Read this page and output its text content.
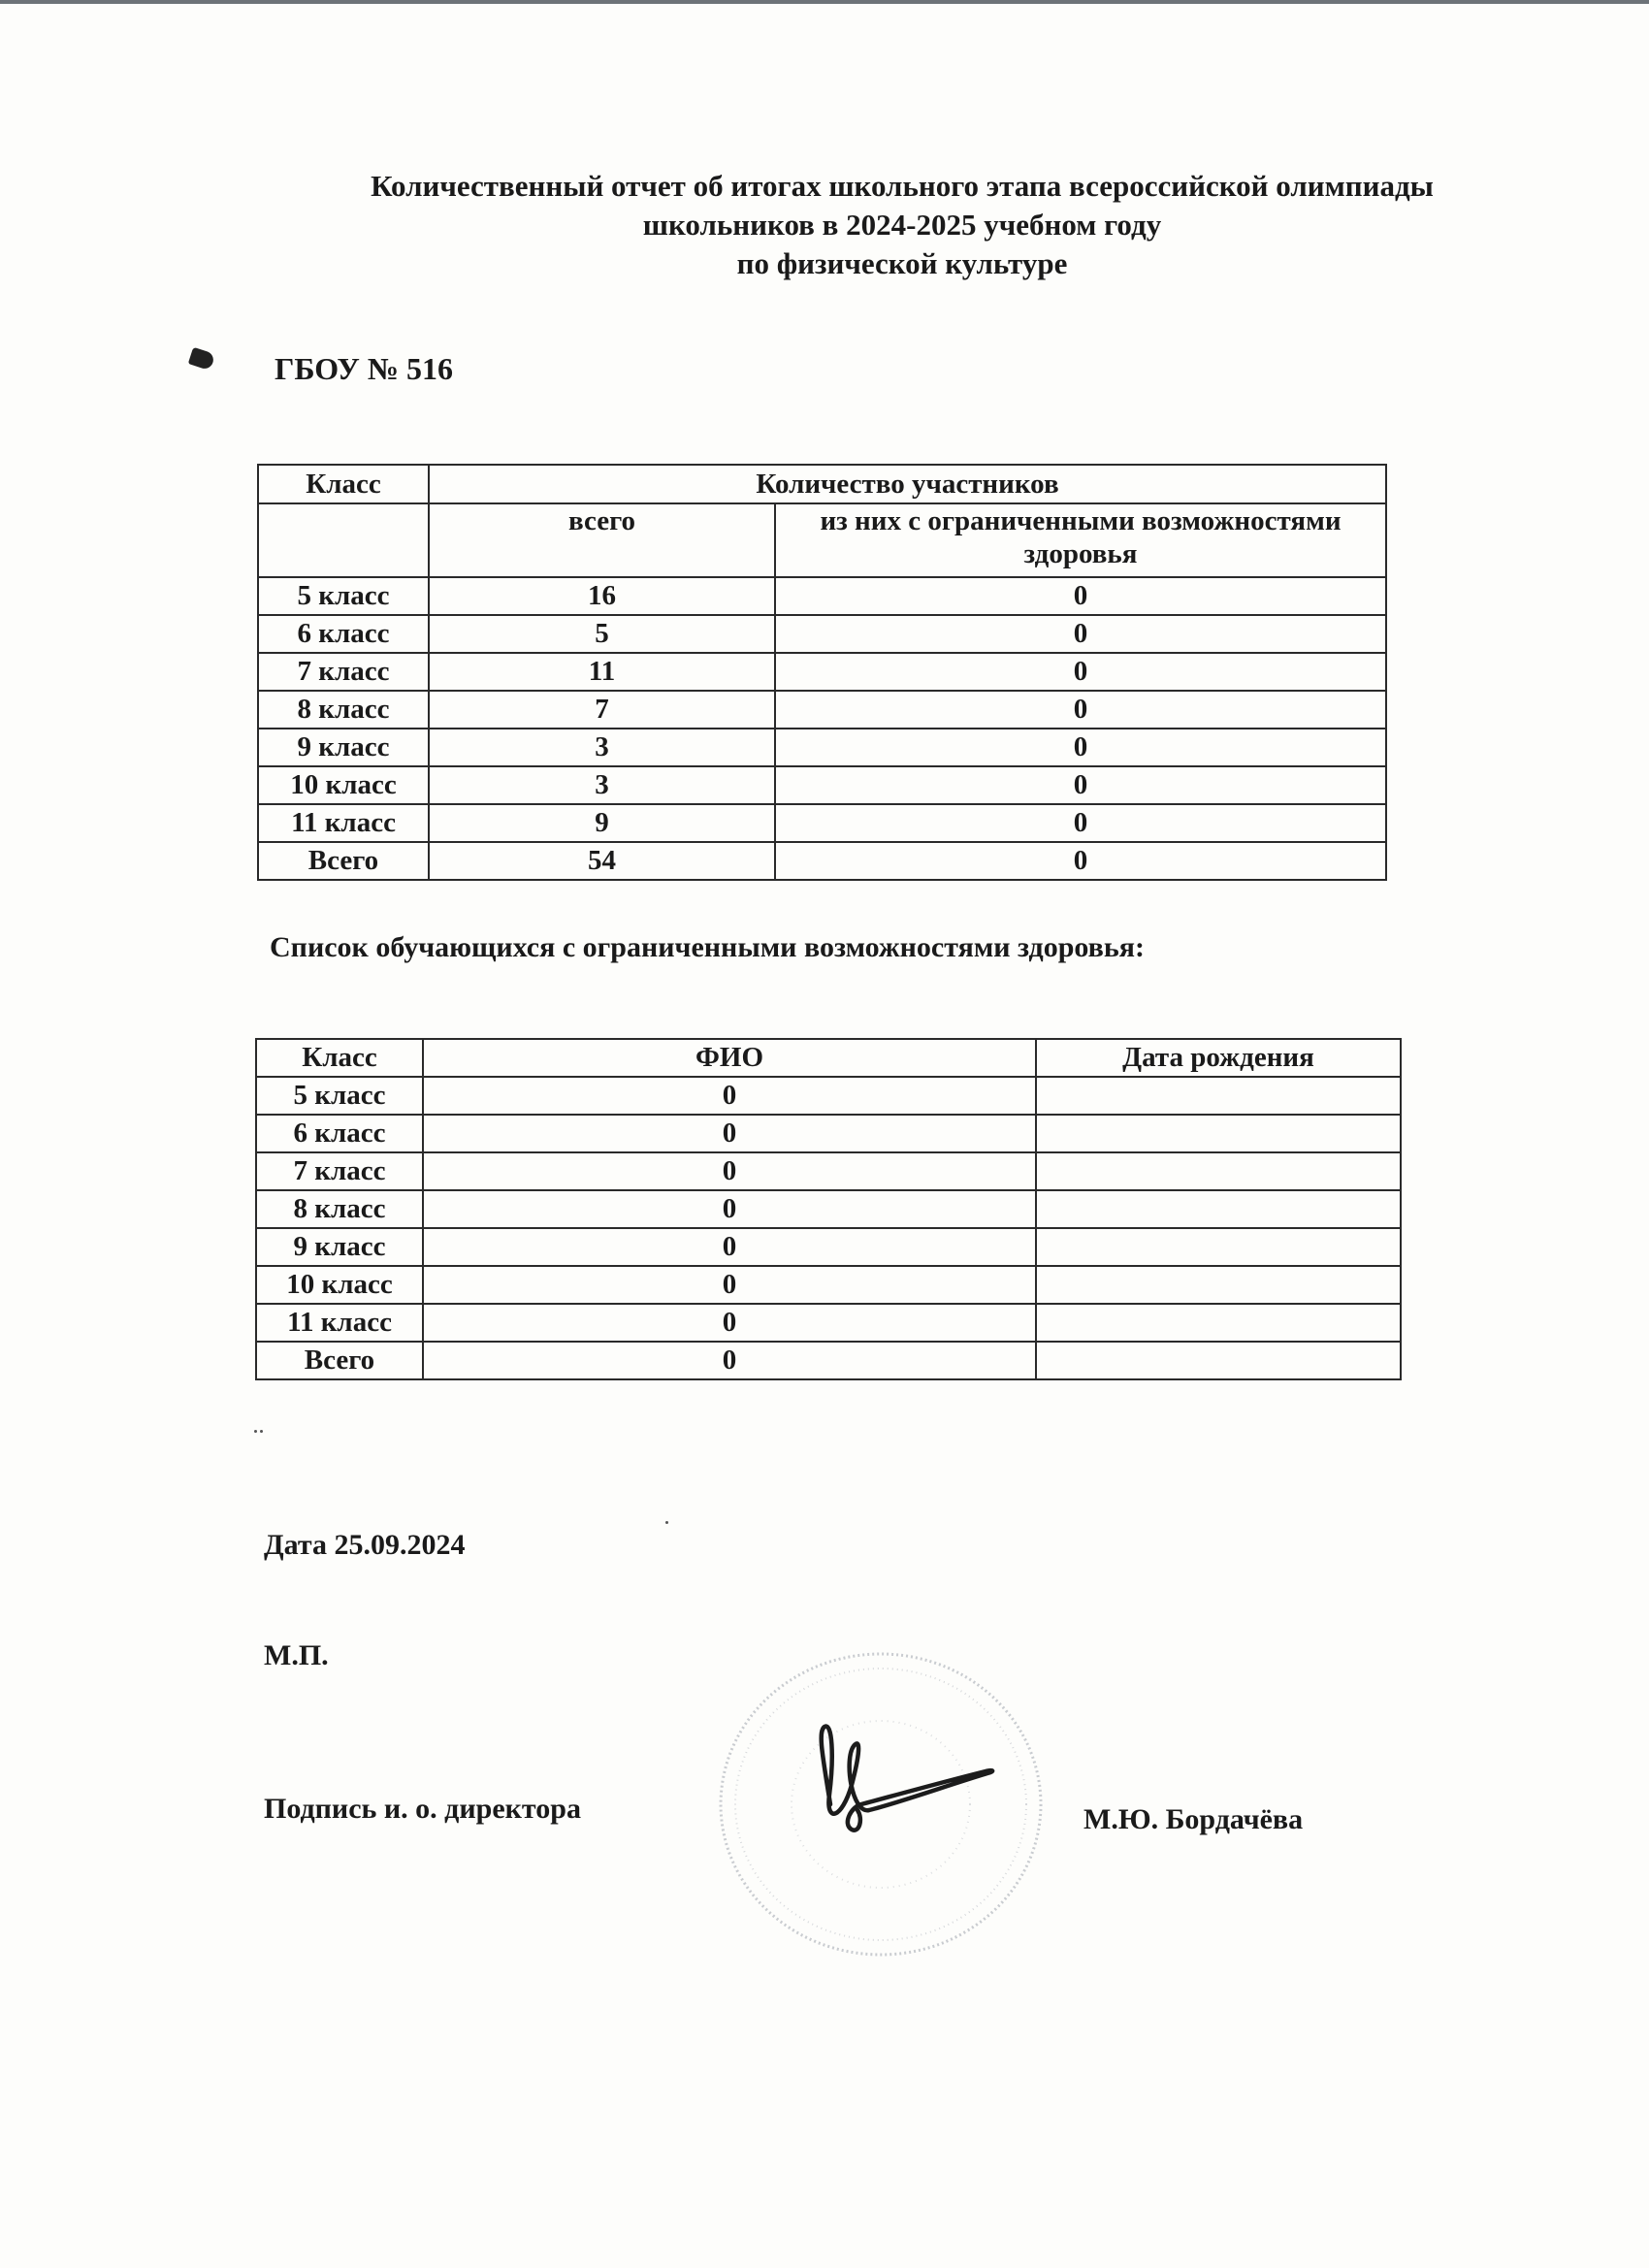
Количественный отчет об итогах школьного этапа всероссийской олимпиады
школьников в 2024-2025 учебном году
по физической культуре
ГБОУ № 516
Класс	Количество участников	
	всего	из них с ограниченными возможностями здоровья
5 класс	16	0
6 класс	5	0
7 класс	11	0
8 класс	7	0
9 класс	3	0
10 класс	3	0
11 класс	9	0
Всего	54	0
Список обучающихся с ограниченными возможностями здоровья:
Класс	ФИО	Дата рождения
5 класс	0	
6 класс	0	
7 класс	0	
8 класс	0	
9 класс	0	
10 класс	0	
11 класс	0	
Всего	0	
Дата 25.09.2024
М.П.
Подпись и. о. директора	М.Ю. Бордачёва
